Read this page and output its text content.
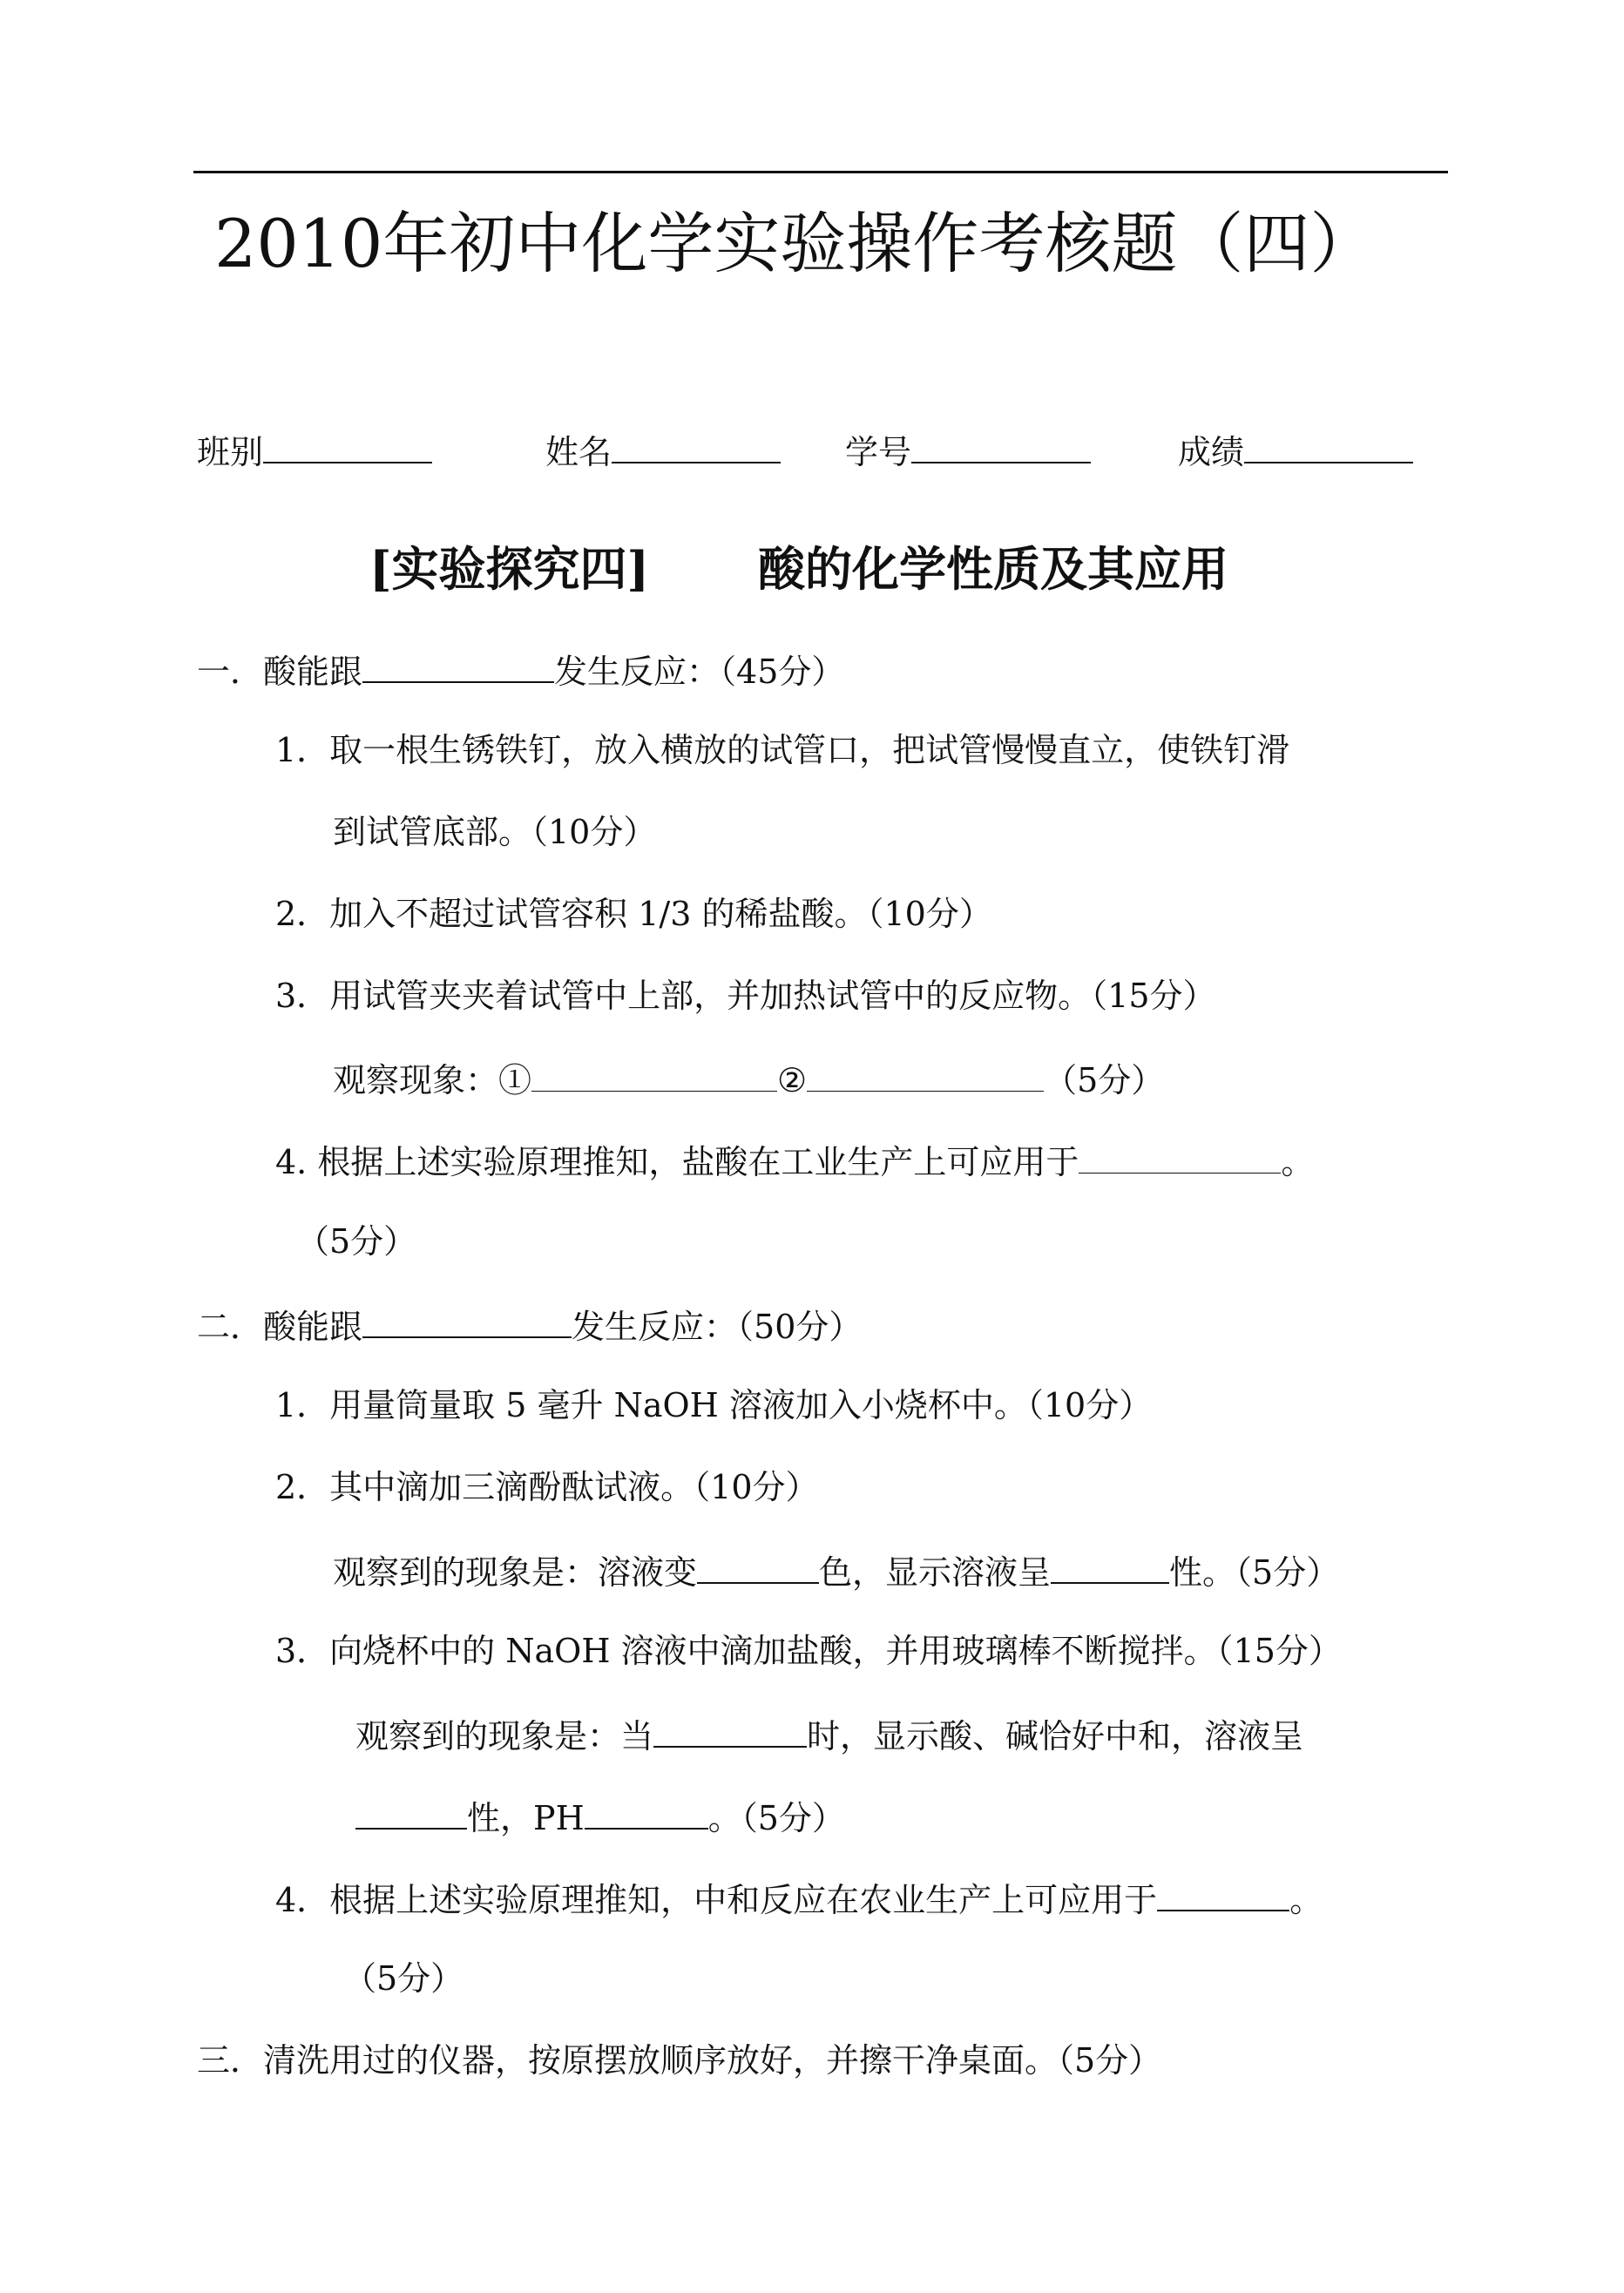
2010年初中化学实验操作考核题（四）
班别	姓名	学号	成绩
[实验探究四] 酸的化学性质及其应用
一．酸能跟	发生反应：（45分）
1．取一根生锈铁钉，放入横放的试管口，把试管慢慢直立，使铁钉滑
到试管底部。（10分）
2．加入不超过试管容积 1/3 的稀盐酸。（10分）
3．用试管夹夹着试管中上部，并加热试管中的反应物。（15分）
观察现象：①	②	（5分）
4. 根据上述实验原理推知，盐酸在工业生产上可应用于	。
（5分）
二．酸能跟	发生反应：（50分）
1．用量筒量取 5 毫升 NaOH 溶液加入小烧杯中。（10分）
2．其中滴加三滴酚酞试液。（10分）
观察到的现象是：溶液变	色，显示溶液呈	性。（5分）
3．向烧杯中的 NaOH 溶液中滴加盐酸，并用玻璃棒不断搅拌。（15分）
观察到的现象是：当	时，显示酸、碱恰好中和，溶液呈
性，PH	。（5分）
4．根据上述实验原理推知，中和反应在农业生产上可应用于	。
（5分）
三．清洗用过的仪器，按原摆放顺序放好，并擦干净桌面。（5分）
